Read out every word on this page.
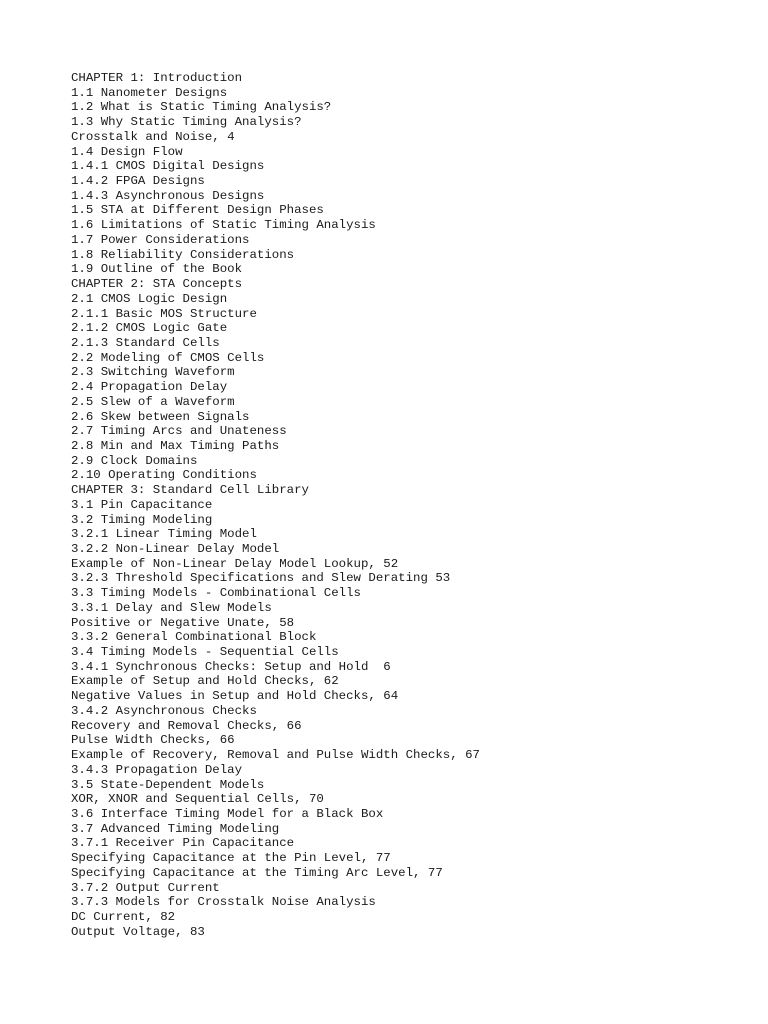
CHAPTER 1: Introduction
1.1 Nanometer Designs
1.2 What is Static Timing Analysis?
1.3 Why Static Timing Analysis?
Crosstalk and Noise, 4
1.4 Design Flow
1.4.1 CMOS Digital Designs
1.4.2 FPGA Designs
1.4.3 Asynchronous Designs
1.5 STA at Different Design Phases
1.6 Limitations of Static Timing Analysis
1.7 Power Considerations
1.8 Reliability Considerations
1.9 Outline of the Book
CHAPTER 2: STA Concepts
2.1 CMOS Logic Design
2.1.1 Basic MOS Structure
2.1.2 CMOS Logic Gate
2.1.3 Standard Cells
2.2 Modeling of CMOS Cells
2.3 Switching Waveform
2.4 Propagation Delay
2.5 Slew of a Waveform
2.6 Skew between Signals
2.7 Timing Arcs and Unateness
2.8 Min and Max Timing Paths
2.9 Clock Domains
2.10 Operating Conditions
CHAPTER 3: Standard Cell Library
3.1 Pin Capacitance
3.2 Timing Modeling
3.2.1 Linear Timing Model
3.2.2 Non-Linear Delay Model
Example of Non-Linear Delay Model Lookup, 52
3.2.3 Threshold Specifications and Slew Derating 53
3.3 Timing Models - Combinational Cells
3.3.1 Delay and Slew Models
Positive or Negative Unate, 58
3.3.2 General Combinational Block
3.4 Timing Models - Sequential Cells
3.4.1 Synchronous Checks: Setup and Hold  6
Example of Setup and Hold Checks, 62
Negative Values in Setup and Hold Checks, 64
3.4.2 Asynchronous Checks
Recovery and Removal Checks, 66
Pulse Width Checks, 66
Example of Recovery, Removal and Pulse Width Checks, 67
3.4.3 Propagation Delay
3.5 State-Dependent Models
XOR, XNOR and Sequential Cells, 70
3.6 Interface Timing Model for a Black Box
3.7 Advanced Timing Modeling
3.7.1 Receiver Pin Capacitance
Specifying Capacitance at the Pin Level, 77
Specifying Capacitance at the Timing Arc Level, 77
3.7.2 Output Current
3.7.3 Models for Crosstalk Noise Analysis
DC Current, 82
Output Voltage, 83
